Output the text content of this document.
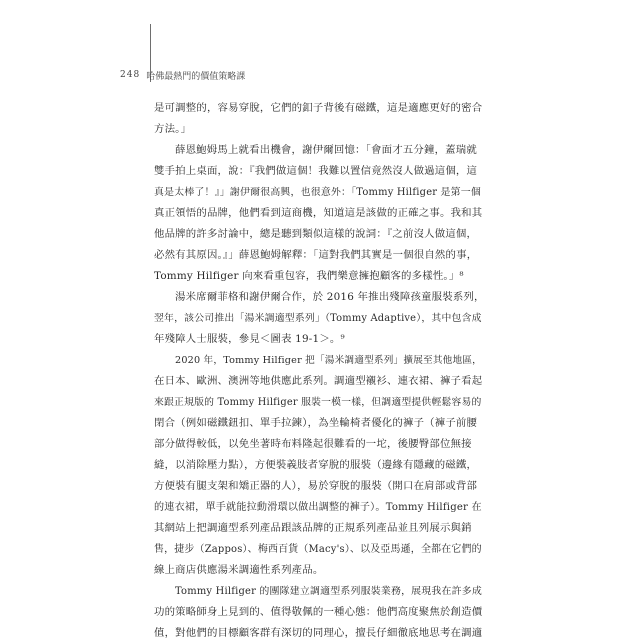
248 哈佛最熱門的價值策略課
是可調整的，容易穿脫，它們的釦子背後有磁鐵，這是適應更好的密合
方法。」
薛恩鮑姆馬上就看出機會，謝伊爾回憶：「會面才五分鐘，蓋瑞就
雙手拍上桌面，說：『我們做這個！我難以置信竟然沒人做過這個，這
真是太棒了！』」謝伊爾很高興，也很意外：「Tommy Hilfiger 是第一個
真正領悟的品牌，他們看到這商機，知道這是該做的正確之事。我和其
他品牌的許多討論中，總是聽到類似這樣的說詞：『之前沒人做這個，
必然有其原因。』」薛恩鮑姆解釋：「這對我們其實是一個很自然的事，
Tommy Hilfiger 向來看重包容，我們樂意擁抱顧客的多樣性。」⁸
湯米席爾菲格和謝伊爾合作，於 2016 年推出殘障孩童服裝系列，
翌年，該公司推出「湯米調適型系列」（Tommy Adaptive），其中包含成
年殘障人士服裝，參見＜圖表 19-1＞。⁹
2020 年，Tommy Hilfiger 把「湯米調適型系列」擴展至其他地區，
在日本、歐洲、澳洲等地供應此系列。調適型襯衫、連衣裙、褲子看起
來跟正規版的 Tommy Hilfiger 服裝一模一樣，但調適型提供輕鬆容易的
閉合（例如磁鐵鈕扣、單手拉鍊），為坐輪椅者優化的褲子（褲子前腰
部分做得較低，以免坐著時布料隆起很難看的一坨，後腰臀部位無接
縫，以消除壓力點），方便裝義肢者穿脫的服裝（邊緣有隱藏的磁鐵，
方便裝有腿支架和矯正器的人），易於穿脫的服裝（開口在肩部或背部
的連衣裙，單手就能拉動滑環以做出調整的褲子）。Tommy Hilfiger 在
其網站上把調適型系列產品跟該品牌的正規系列產品並且列展示與銷
售，捷步（Zappos）、梅西百貨（Macy's）、以及亞馬遜，全都在它們的
線上商店供應湯米調適性系列產品。
Tommy Hilfiger 的團隊建立調適型系列服裝業務，展現我在許多成
功的策略師身上見到的、值得敬佩的一種心態：他們高度聚焦於創造價
值，對他們的目標顧客群有深切的同理心，擅長仔細徹底地思考在調適
